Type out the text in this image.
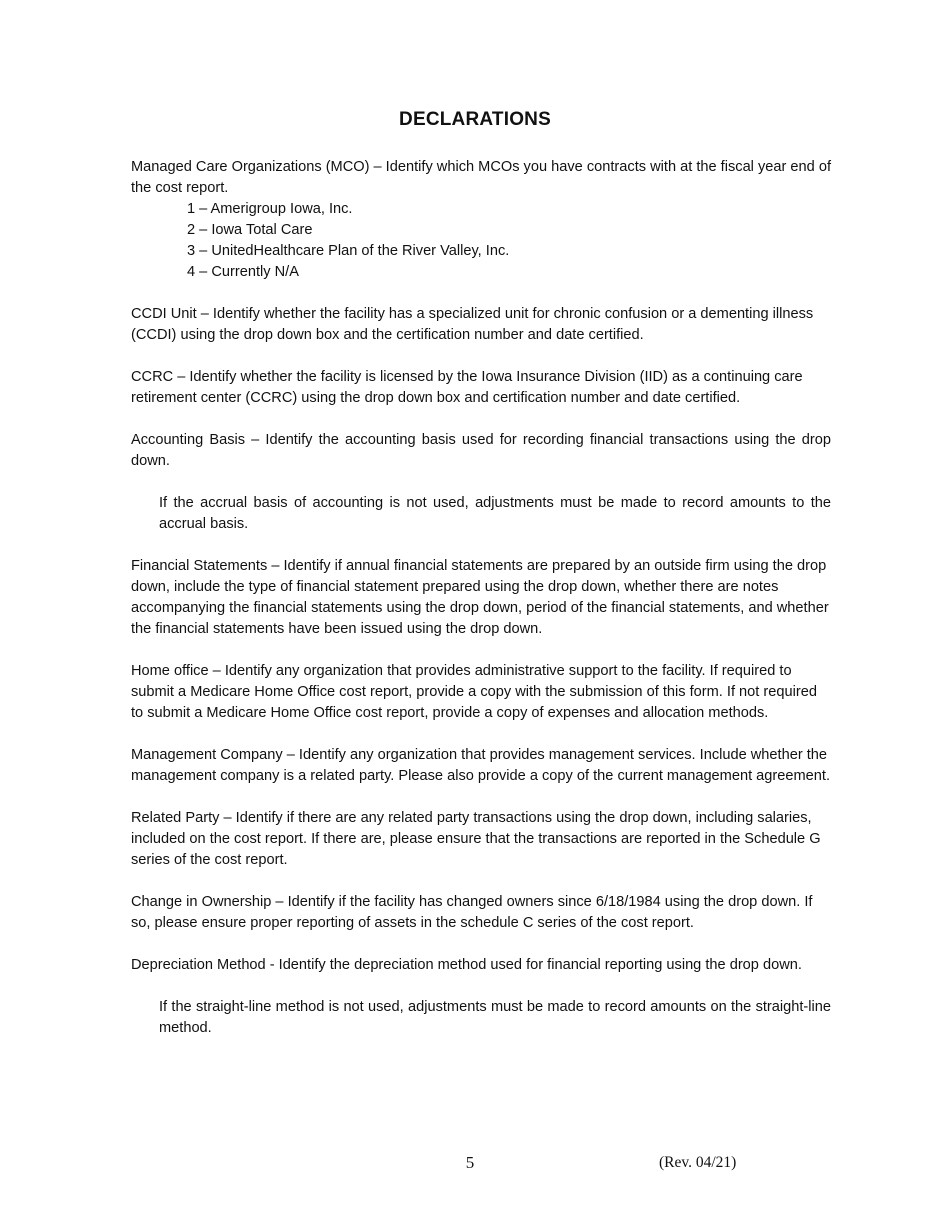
DECLARATIONS
Managed Care Organizations (MCO) – Identify which MCOs you have contracts with at the fiscal year end of the cost report.
1 – Amerigroup Iowa, Inc.
2 – Iowa Total Care
3 – UnitedHealthcare Plan of the River Valley, Inc.
4 – Currently N/A

CCDI Unit – Identify whether the facility has a specialized unit for chronic confusion or a dementing illness (CCDI) using the drop down box and the certification number and date certified.

CCRC – Identify whether the facility is licensed by the Iowa Insurance Division (IID) as a continuing care retirement center (CCRC) using the drop down box and certification number and date certified.

Accounting Basis – Identify the accounting basis used for recording financial transactions using the drop down.

If the accrual basis of accounting is not used, adjustments must be made to record amounts to the accrual basis.

Financial Statements – Identify if annual financial statements are prepared by an outside firm using the drop down, include the type of financial statement prepared using the drop down, whether there are notes accompanying the financial statements using the drop down, period of the financial statements, and whether the financial statements have been issued using the drop down.

Home office – Identify any organization that provides administrative support to the facility. If required to submit a Medicare Home Office cost report, provide a copy with the submission of this form. If not required to submit a Medicare Home Office cost report, provide a copy of expenses and allocation methods.

Management Company – Identify any organization that provides management services. Include whether the management company is a related party. Please also provide a copy of the current management agreement.

Related Party – Identify if there are any related party transactions using the drop down, including salaries, included on the cost report. If there are, please ensure that the transactions are reported in the Schedule G series of the cost report.

Change in Ownership – Identify if the facility has changed owners since 6/18/1984 using the drop down. If so, please ensure proper reporting of assets in the schedule C series of the cost report.

Depreciation Method - Identify the depreciation method used for financial reporting using the drop down.

If the straight-line method is not used, adjustments must be made to record amounts on the straight-line method.

5	(Rev. 04/21)
